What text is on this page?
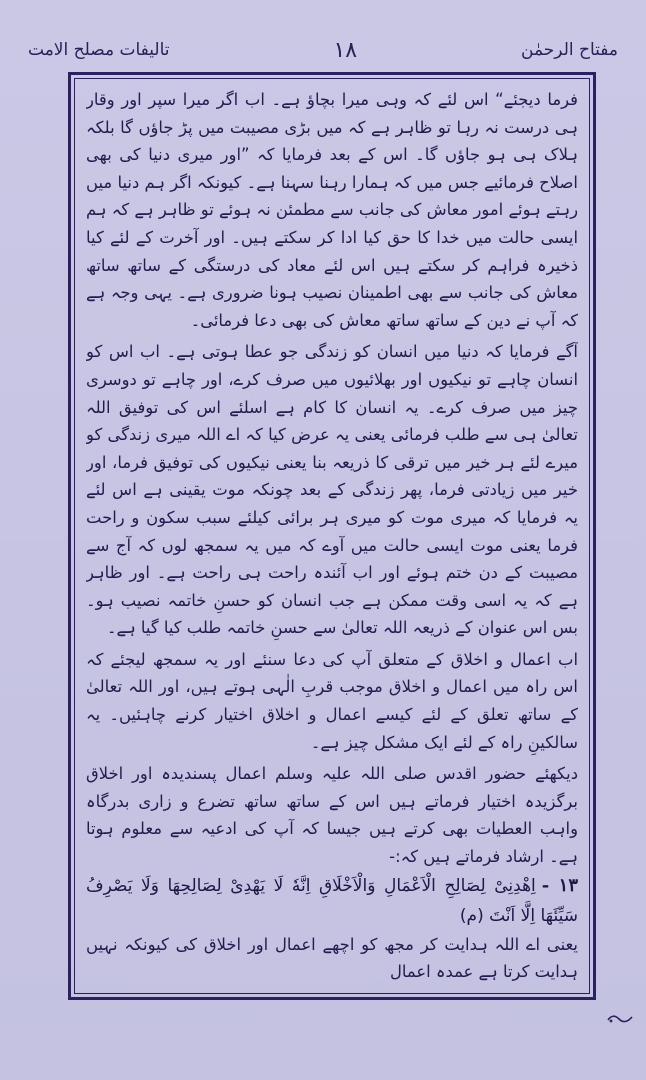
تالیفات مصلح الامت	۱۸	مفتاح الرحمٰن

فرما دیجئے“ اس لئے کہ وہی میرا بچاؤ ہے۔ اب اگر میرا سپر اور وقار ہی درست نہ رہا تو ظاہر ہے کہ میں بڑی مصیبت میں پڑ جاؤں گا بلکہ ہلاک ہی ہو جاؤں گا۔ اس کے بعد فرمایا کہ ”اور میری دنیا کی بھی اصلاح فرمائیے جس میں کہ ہمارا رہنا سہنا ہے۔ کیونکہ اگر ہم دنیا میں رہتے ہوئے امور معاش کی جانب سے مطمئن نہ ہوئے تو ظاہر ہے کہ ہم ایسی حالت میں خدا کا حق کیا ادا کر سکتے ہیں۔ اور آخرت کے لئے کیا ذخیرہ فراہم کر سکتے ہیں اس لئے معاد کی درستگی کے ساتھ ساتھ معاش کی جانب سے بھی اطمینان نصیب ہونا ضروری ہے۔ یہی وجہ ہے کہ آپ نے دین کے ساتھ ساتھ معاش کی بھی دعا فرمائی۔

آگے فرمایا کہ دنیا میں انسان کو زندگی جو عطا ہوتی ہے۔ اب اس کو انسان چاہے تو نیکیوں اور بھلائیوں میں صرف کرے، اور چاہے تو دوسری چیز میں صرف کرے۔ یہ انسان کا کام ہے اسلئے اس کی توفیق اللہ تعالیٰ ہی سے طلب فرمائی یعنی یہ عرض کیا کہ اے اللہ میری زندگی کو میرے لئے ہر خیر میں ترقی کا ذریعہ بنا یعنی نیکیوں کی توفیق فرما، اور خیر میں زیادتی فرما، پھر زندگی کے بعد چونکہ موت یقینی ہے اس لئے یہ فرمایا کہ میری موت کو میری ہر برائی کیلئے سبب سکون و راحت فرما یعنی موت ایسی حالت میں آوے کہ میں یہ سمجھ لوں کہ آج سے مصیبت کے دن ختم ہوئے اور اب آئندہ راحت ہی راحت ہے۔ اور ظاہر ہے کہ یہ اسی وقت ممکن ہے جب انسان کو حسنِ خاتمہ نصیب ہو۔ بس اس عنوان کے ذریعہ اللہ تعالیٰ سے حسنِ خاتمہ طلب کیا گیا ہے۔

اب اعمال و اخلاق کے متعلق آپ کی دعا سنئے اور یہ سمجھ لیجئے کہ اس راہ میں اعمال و اخلاق موجب قربِ الٰہی ہوتے ہیں، اور اللہ تعالیٰ کے ساتھ تعلق کے لئے کیسے اعمال و اخلاق اختیار کرنے چاہئیں۔ یہ سالکینِ راہ کے لئے ایک مشکل چیز ہے۔

دیکھئے حضور اقدس صلی اللہ علیہ وسلم اعمال پسندیدہ اور اخلاق برگزیدہ اختیار فرماتے ہیں اس کے ساتھ ساتھ تضرع و زاری بدرگاہ واہب العطیات بھی کرتے ہیں جیسا کہ آپ کی ادعیہ سے معلوم ہوتا ہے۔ ارشاد فرماتے ہیں کہ:-

۱۳ -اِهْدِنِیْ لِصَالِحِ الْاَعْمَالِ وَالْاَخْلَاقِ اِنَّهٗ لَا یَهْدِیْ لِصَالِحِهَا وَلَا یَصْرِفُ سَیِّئَهَا اِلَّا اَنْتَ (م)

یعنی اے اللہ ہدایت کر مجھ کو اچھے اعمال اور اخلاق کی کیونکہ نہیں ہدایت کرتا ہے عمدہ اعمال
